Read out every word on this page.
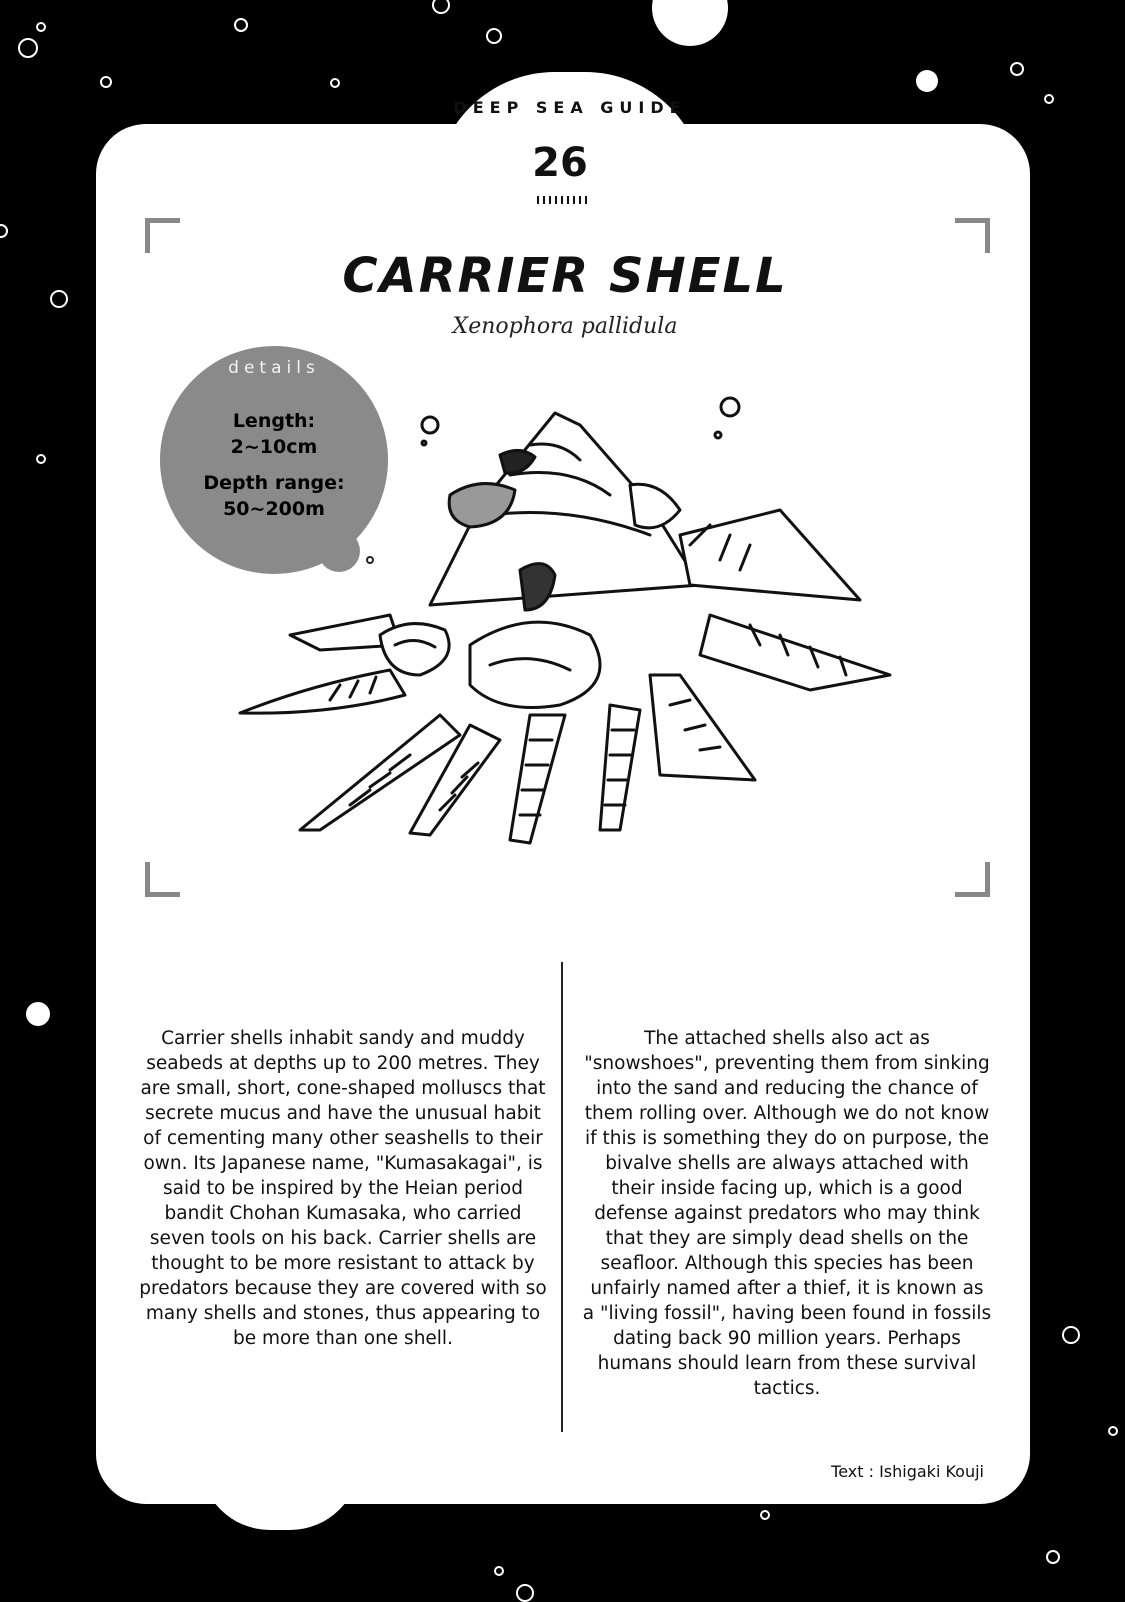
DEEP SEA GUIDE
26
CARRIER SHELL
Xenophora pallidula
details
Length:
2~10cm
Depth range:
50~200m
Carrier shells inhabit sandy and muddy seabeds at depths up to 200 metres. They are small, short, cone-shaped molluscs that secrete mucus and have the unusual habit of cementing many other seashells to their own. Its Japanese name, "Kumasakagai", is said to be inspired by the Heian period bandit Chohan Kumasaka, who carried seven tools on his back. Carrier shells are thought to be more resistant to attack by predators because they are covered with so many shells and stones, thus appearing to be more than one shell.
The attached shells also act as "snowshoes", preventing them from sinking into the sand and reducing the chance of them rolling over. Although we do not know if this is something they do on purpose, the bivalve shells are always attached with their inside facing up, which is a good defense against predators who may think that they are simply dead shells on the seafloor. Although this species has been unfairly named after a thief, it is known as a "living fossil", having been found in fossils dating back 90 million years. Perhaps humans should learn from these survival tactics.
Text : Ishigaki Kouji
